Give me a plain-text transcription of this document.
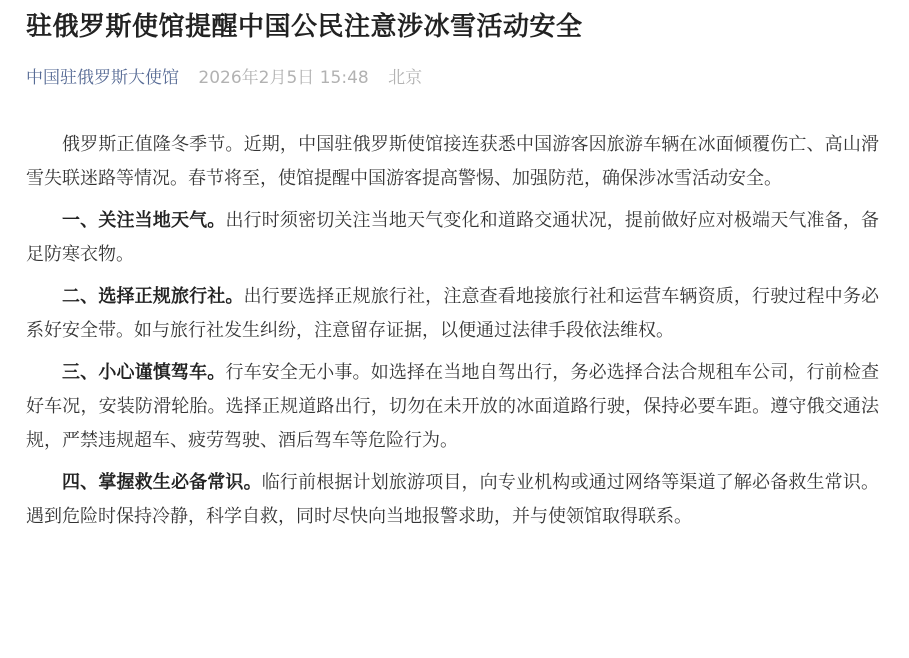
驻俄罗斯使馆提醒中国公民注意涉冰雪活动安全
中国驻俄罗斯大使馆 2026年2月5日 15:48 北京

俄罗斯正值隆冬季节。近期，中国驻俄罗斯使馆接连获悉中国游客因旅游车辆在冰面倾覆伤亡、高山滑雪失联迷路等情况。春节将至，使馆提醒中国游客提高警惕、加强防范，确保涉冰雪活动安全。

一、关注当地天气。出行时须密切关注当地天气变化和道路交通状况，提前做好应对极端天气准备，备足防寒衣物。

二、选择正规旅行社。出行要选择正规旅行社，注意查看地接旅行社和运营车辆资质，行驶过程中务必系好安全带。如与旅行社发生纠纷，注意留存证据，以便通过法律手段依法维权。

三、小心谨慎驾车。行车安全无小事。如选择在当地自驾出行，务必选择合法合规租车公司，行前检查好车况，安装防滑轮胎。选择正规道路出行，切勿在未开放的冰面道路行驶，保持必要车距。遵守俄交通法规，严禁违规超车、疲劳驾驶、酒后驾车等危险行为。

四、掌握救生必备常识。临行前根据计划旅游项目，向专业机构或通过网络等渠道了解必备救生常识。遇到危险时保持冷静，科学自救，同时尽快向当地报警求助，并与使领馆取得联系。
